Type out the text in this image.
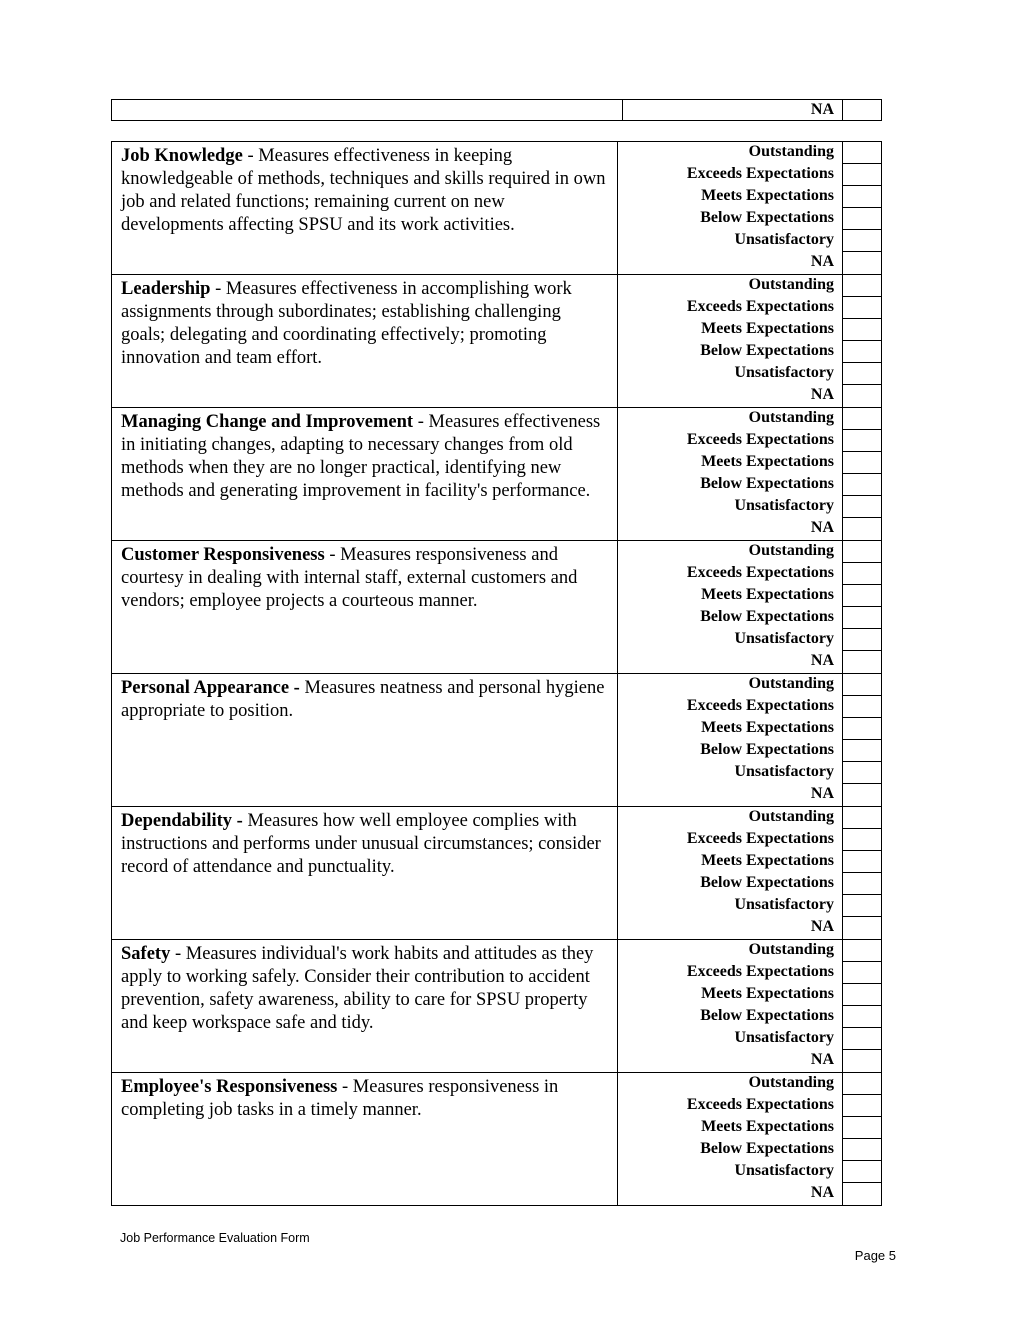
NA
Job Knowledge - Measures effectiveness in keeping knowledgeable of methods, techniques and skills required in own job and related functions; remaining current on new developments affecting SPSU and its work activities.
Outstanding
Exceeds Expectations
Meets Expectations
Below Expectations
Unsatisfactory
NA
Leadership - Measures effectiveness in accomplishing work assignments through subordinates; establishing challenging goals; delegating and coordinating effectively; promoting innovation and team effort.
Outstanding
Exceeds Expectations
Meets Expectations
Below Expectations
Unsatisfactory
NA
Managing Change and Improvement - Measures effectiveness in initiating changes, adapting to necessary changes from old methods when they are no longer practical, identifying new methods and generating improvement in facility's performance.
Outstanding
Exceeds Expectations
Meets Expectations
Below Expectations
Unsatisfactory
NA
Customer Responsiveness - Measures responsiveness and courtesy in dealing with internal staff, external customers and vendors; employee projects a courteous manner.
Outstanding
Exceeds Expectations
Meets Expectations
Below Expectations
Unsatisfactory
NA
Personal Appearance - Measures neatness and personal hygiene appropriate to position.
Outstanding
Exceeds Expectations
Meets Expectations
Below Expectations
Unsatisfactory
NA
Dependability - Measures how well employee complies with instructions and performs under unusual circumstances; consider record of attendance and punctuality.
Outstanding
Exceeds Expectations
Meets Expectations
Below Expectations
Unsatisfactory
NA
Safety - Measures individual's work habits and attitudes as they apply to working safely. Consider their contribution to accident prevention, safety awareness, ability to care for SPSU property and keep workspace safe and tidy.
Outstanding
Exceeds Expectations
Meets Expectations
Below Expectations
Unsatisfactory
NA
Employee's Responsiveness - Measures responsiveness in completing job tasks in a timely manner.
Outstanding
Exceeds Expectations
Meets Expectations
Below Expectations
Unsatisfactory
NA
Job Performance Evaluation Form
Page 5
